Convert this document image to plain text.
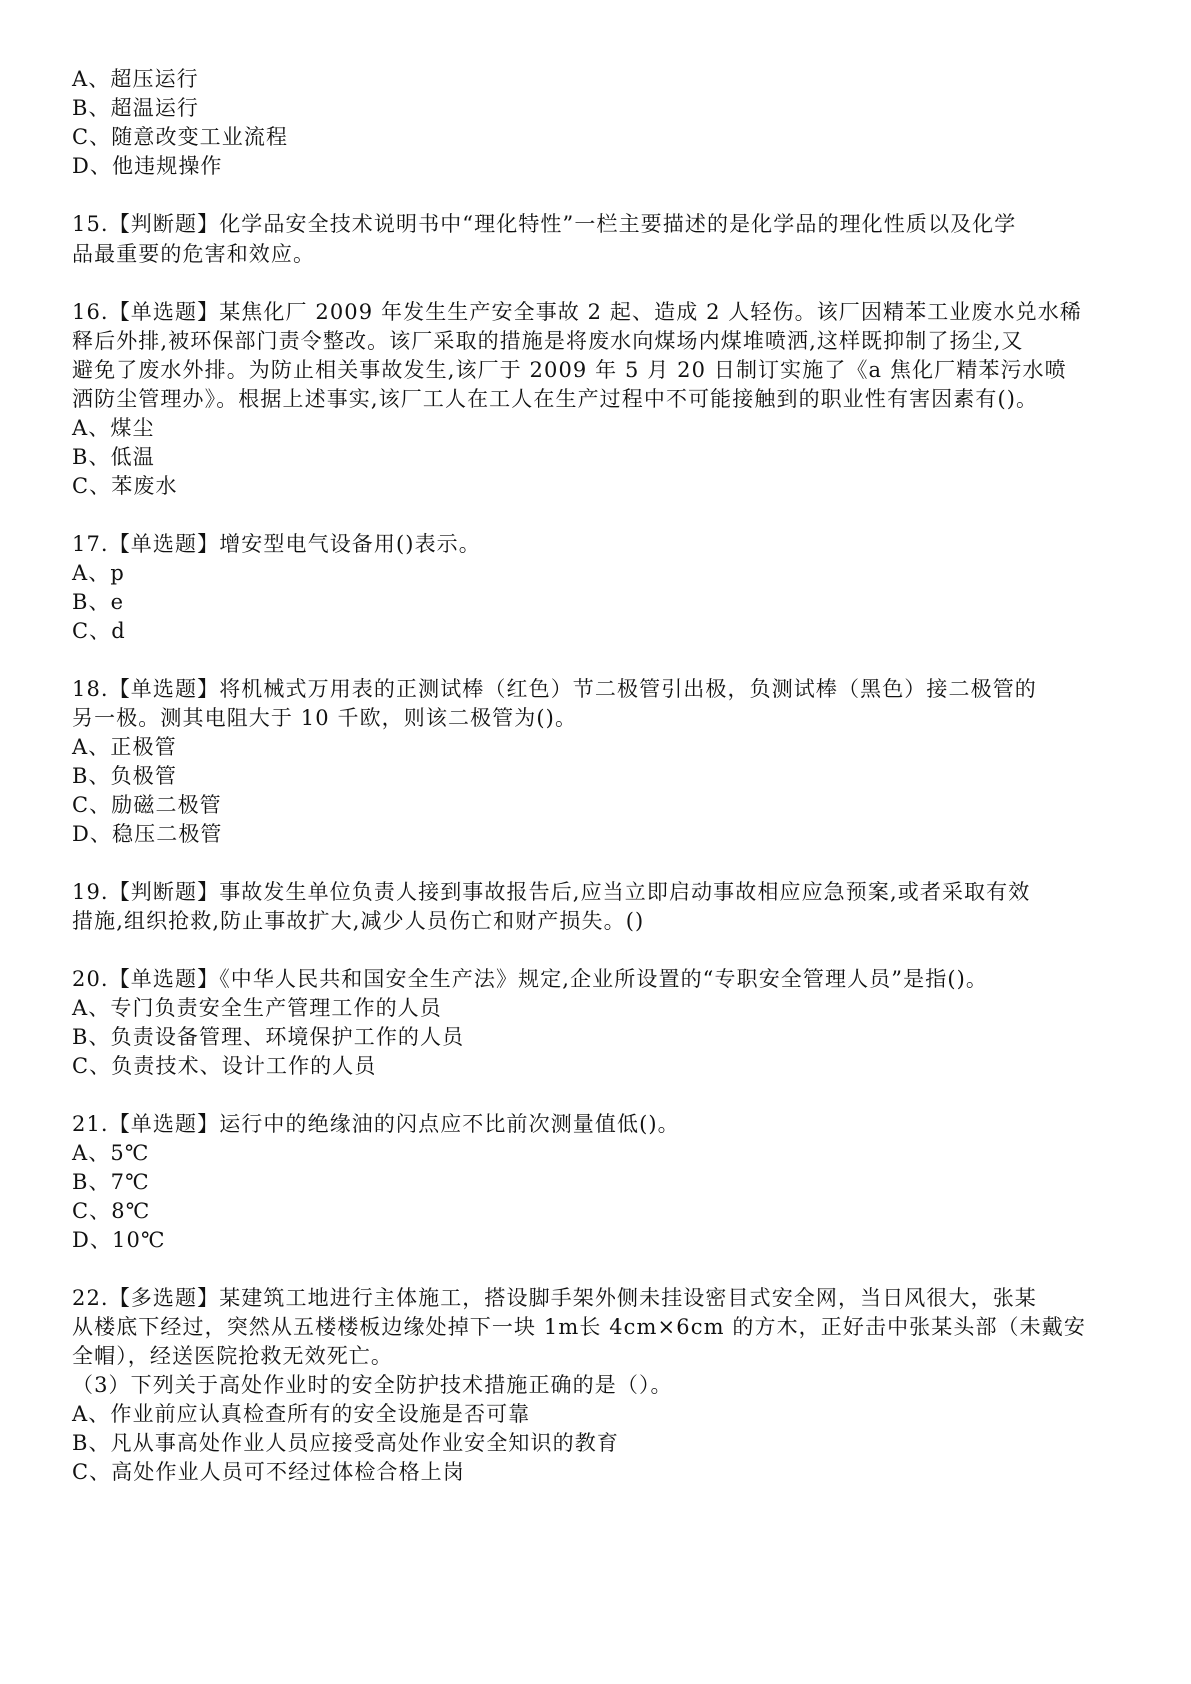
A、超压运行
B、超温运行
C、随意改变工业流程
D、他违规操作
15.【判断题】化学品安全技术说明书中“理化特性”一栏主要描述的是化学品的理化性质以及化学
品最重要的危害和效应。
16.【单选题】某焦化厂 2009 年发生生产安全事故 2 起、造成 2 人轻伤。该厂因精苯工业废水兑水稀
释后外排,被环保部门责令整改。该厂采取的措施是将废水向煤场内煤堆喷洒,这样既抑制了扬尘,又
避免了废水外排。为防止相关事故发生,该厂于 2009 年 5 月 20 日制订实施了《a 焦化厂精苯污水喷
洒防尘管理办》。根据上述事实,该厂工人在工人在生产过程中不可能接触到的职业性有害因素有()。
A、煤尘
B、低温
C、苯废水
17.【单选题】增安型电气设备用()表示。
A、p
B、e
C、d
18.【单选题】将机械式万用表的正测试棒（红色）节二极管引出极，负测试棒（黑色）接二极管的
另一极。测其电阻大于 10 千欧，则该二极管为()。
A、正极管
B、负极管
C、励磁二极管
D、稳压二极管
19.【判断题】事故发生单位负责人接到事故报告后,应当立即启动事故相应应急预案,或者采取有效
措施,组织抢救,防止事故扩大,减少人员伤亡和财产损失。()
20.【单选题】《中华人民共和国安全生产法》规定,企业所设置的“专职安全管理人员”是指()。
A、专门负责安全生产管理工作的人员
B、负责设备管理、环境保护工作的人员
C、负责技术、设计工作的人员
21.【单选题】运行中的绝缘油的闪点应不比前次测量值低()。
A、5℃
B、7℃
C、8℃
D、10℃
22.【多选题】某建筑工地进行主体施工，搭设脚手架外侧未挂设密目式安全网，当日风很大，张某
从楼底下经过，突然从五楼楼板边缘处掉下一块 1m长 4cm×6cm 的方木，正好击中张某头部（未戴安
全帽），经送医院抢救无效死亡。
（3）下列关于高处作业时的安全防护技术措施正确的是（）。
A、作业前应认真检查所有的安全设施是否可靠
B、凡从事高处作业人员应接受高处作业安全知识的教育
C、高处作业人员可不经过体检合格上岗
